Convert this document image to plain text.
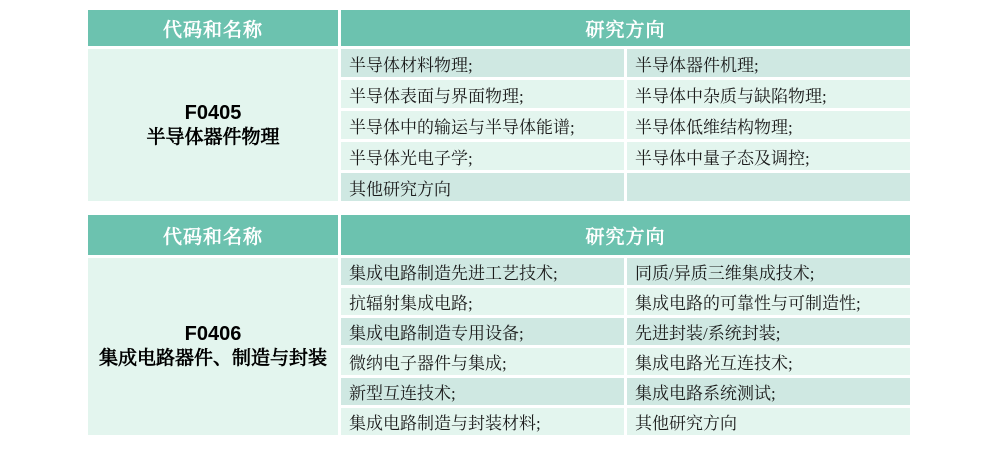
代码和名称	研究方向
F0405
半导体器件物理
半导体材料物理;	半导体器件机理;
半导体表面与界面物理;	半导体中杂质与缺陷物理;
半导体中的输运与半导体能谱;	半导体低维结构物理;
半导体光电子学;	半导体中量子态及调控;
其他研究方向
代码和名称	研究方向
F0406
集成电路器件、制造与封装
集成电路制造先进工艺技术;	同质/异质三维集成技术;
抗辐射集成电路;	集成电路的可靠性与可制造性;
集成电路制造专用设备;	先进封装/系统封装;
微纳电子器件与集成;	集成电路光互连技术;
新型互连技术;	集成电路系统测试;
集成电路制造与封装材料;	其他研究方向
